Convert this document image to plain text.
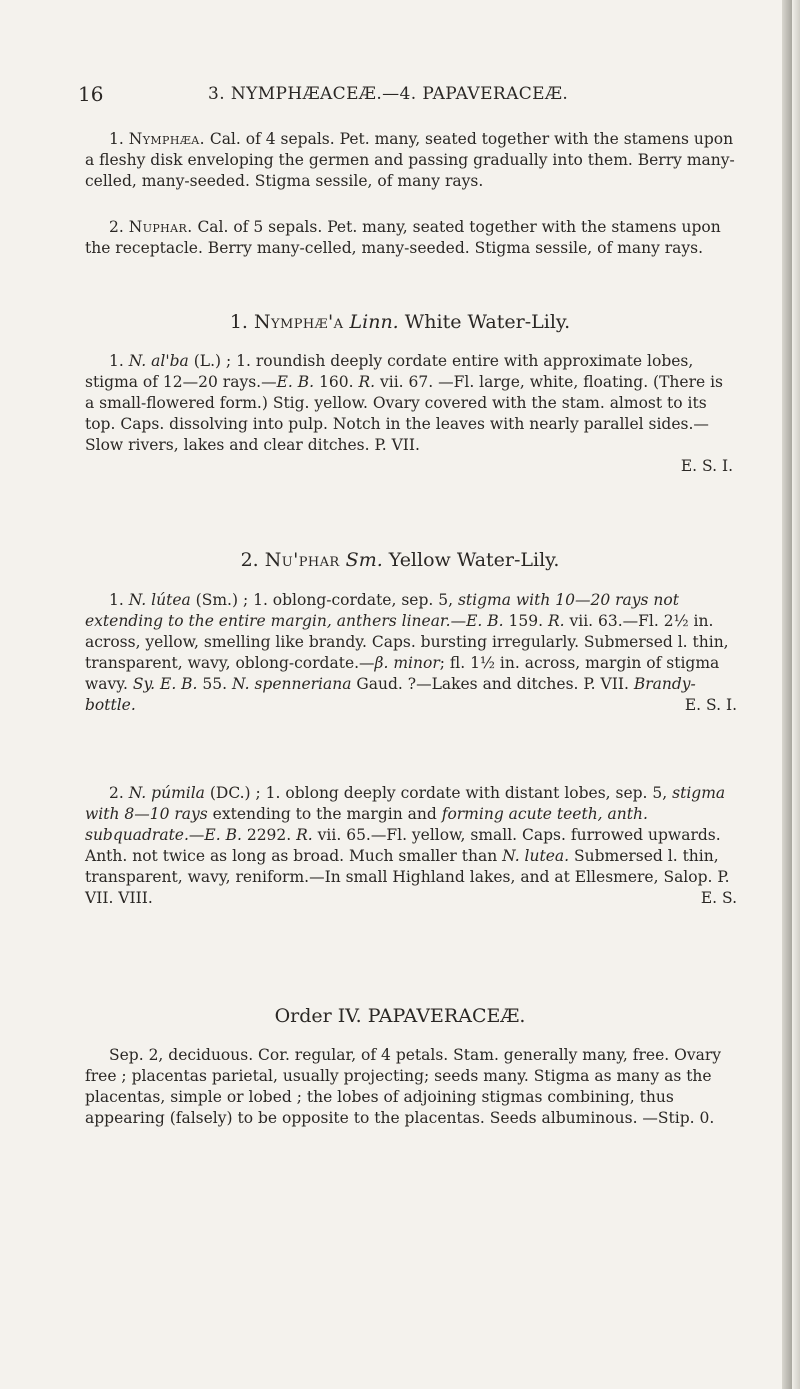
16	3. NYMPHÆACEÆ.—4. PAPAVERACEÆ.

1. Nymphæa. Cal. of 4 sepals. Pet. many, seated together with the stamens upon a fleshy disk enveloping the germen and passing gradually into them. Berry many-celled, many-seeded. Stigma sessile, of many rays.

2. Nuphar. Cal. of 5 sepals. Pet. many, seated together with the stamens upon the receptacle. Berry many-celled, many-seeded. Stigma sessile, of many rays.

1. Nymphæ'a Linn. White Water-Lily.

1. N. al'ba (L.) ; 1. roundish deeply cordate entire with approximate lobes, stigma of 12—20 rays.—E. B. 160. R. vii. 67. —Fl. large, white, floating. (There is a small-flowered form.) Stig. yellow. Ovary covered with the stam. almost to its top. Caps. dissolving into pulp. Notch in the leaves with nearly parallel sides.—Slow rivers, lakes and clear ditches. P. VII.

E. S. I.

2. Nu'phar Sm. Yellow Water-Lily.

1. N. lútea (Sm.) ; 1. oblong-cordate, sep. 5, stigma with 10—20 rays not extending to the entire margin, anthers linear.—E. B. 159. R. vii. 63.—Fl. 2½ in. across, yellow, smelling like brandy. Caps. bursting irregularly. Submersed l. thin, transparent, wavy, oblong-cordate.—β. minor; fl. 1½ in. across, margin of stigma wavy. Sy. E. B. 55. N. spenneriana Gaud. ?—Lakes and ditches. P. VII. Brandy-bottle.	E. S. I.

2. N. púmila (DC.) ; 1. oblong deeply cordate with distant lobes, sep. 5, stigma with 8—10 rays extending to the margin and forming acute teeth, anth. subquadrate.—E. B. 2292. R. vii. 65.—Fl. yellow, small. Caps. furrowed upwards. Anth. not twice as long as broad. Much smaller than N. lutea. Submersed l. thin, transparent, wavy, reniform.—In small Highland lakes, and at Ellesmere, Salop. P. VII. VIII.	E. S.

Order IV. PAPAVERACEÆ.

Sep. 2, deciduous. Cor. regular, of 4 petals. Stam. generally many, free. Ovary free ; placentas parietal, usually projecting; seeds many. Stigma as many as the placentas, simple or lobed ; the lobes of adjoining stigmas combining, thus appearing (falsely) to be opposite to the placentas. Seeds albuminous. —Stip. 0.
